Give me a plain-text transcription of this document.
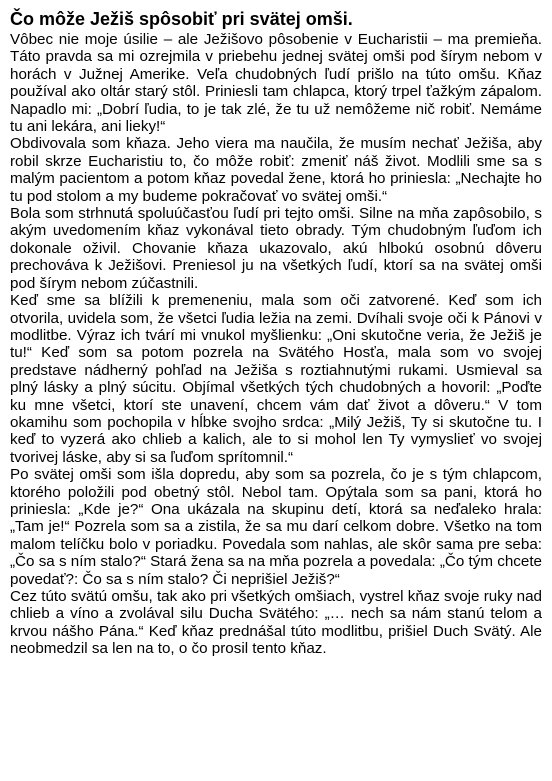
Čo môže Ježiš spôsobiť pri svätej omši.

Vôbec nie moje úsilie – ale Ježišovo pôsobenie v Eucharistii – ma premieňa. Táto pravda sa mi ozrejmila v priebehu jednej svätej omši pod šírym nebom v horách v Južnej Amerike. Veľa chudobných ľudí prišlo na túto omšu. Kňaz používal ako oltár starý stôl. Priniesli tam chlapca, ktorý trpel ťažkým zápalom. Napadlo mi: „Dobrí ľudia, to je tak zlé, že tu už nemôžeme nič robiť. Nemáme tu ani lekára, ani lieky!“

Obdivovala som kňaza. Jeho viera ma naučila, že musím nechať Ježiša, aby robil skrze Eucharistiu to, čo môže robiť: zmeniť náš život. Modlili sme sa s malým pacientom a potom kňaz povedal žene, ktorá ho priniesla: „Nechajte ho tu pod stolom a my budeme pokračovať vo svätej omši.“

Bola som strhnutá spoluúčasťou ľudí pri tejto omši. Silne na mňa zapôsobilo, s akým uvedomením kňaz vykonával tieto obrady. Tým chudobným ľuďom ich dokonale oživil. Chovanie kňaza ukazovalo, akú hlbokú osobnú dôveru prechováva k Ježišovi. Preniesol ju na všetkých ľudí, ktorí sa na svätej omši pod šírym nebom zúčastnili.

Keď sme sa blížili k premeneniu, mala som oči zatvorené. Keď som ich otvorila, uvidela som, že všetci ľudia ležia na zemi. Dvíhali svoje oči k Pánovi v modlitbe. Výraz ich tvárí mi vnukol myšlienku: „Oni skutočne veria, že Ježiš je tu!“ Keď som sa potom pozrela na Svätého Hosťa, mala som vo svojej predstave nádherný pohľad na Ježiša s roztiahnutými rukami. Usmieval sa plný lásky a plný súcitu. Objímal všetkých tých chudobných a hovoril: „Poďte ku mne všetci, ktorí ste unavení, chcem vám dať život a dôveru.“ V tom okamihu som pochopila v hĺbke svojho srdca: „Milý Ježiš, Ty si skutočne tu. I keď to vyzerá ako chlieb a kalich, ale to si mohol len Ty vymyslieť vo svojej tvorivej láske, aby si sa ľuďom sprítomnil.“

Po svätej omši som išla dopredu, aby som sa pozrela, čo je s tým chlapcom, ktorého položili pod obetný stôl. Nebol tam. Opýtala som sa pani, ktorá ho priniesla: „Kde je?“ Ona ukázala na skupinu detí, ktorá sa neďaleko hrala: „Tam je!“ Pozrela som sa a zistila, že sa mu darí celkom dobre. Všetko na tom malom telíčku bolo v poriadku. Povedala som nahlas, ale skôr sama pre seba: „Čo sa s ním stalo?“ Stará žena sa na mňa pozrela a povedala: „Čo tým chcete povedať?: Čo sa s ním stalo? Či neprišiel Ježiš?“

Cez túto svätú omšu, tak ako pri všetkých omšiach, vystrel kňaz svoje ruky nad chlieb a víno a zvolával silu Ducha Svätého: „… nech sa nám stanú telom a krvou nášho Pána.“ Keď kňaz prednášal túto modlitbu, prišiel Duch Svätý. Ale neobmedzil sa len na to, o čo prosil tento kňaz.
